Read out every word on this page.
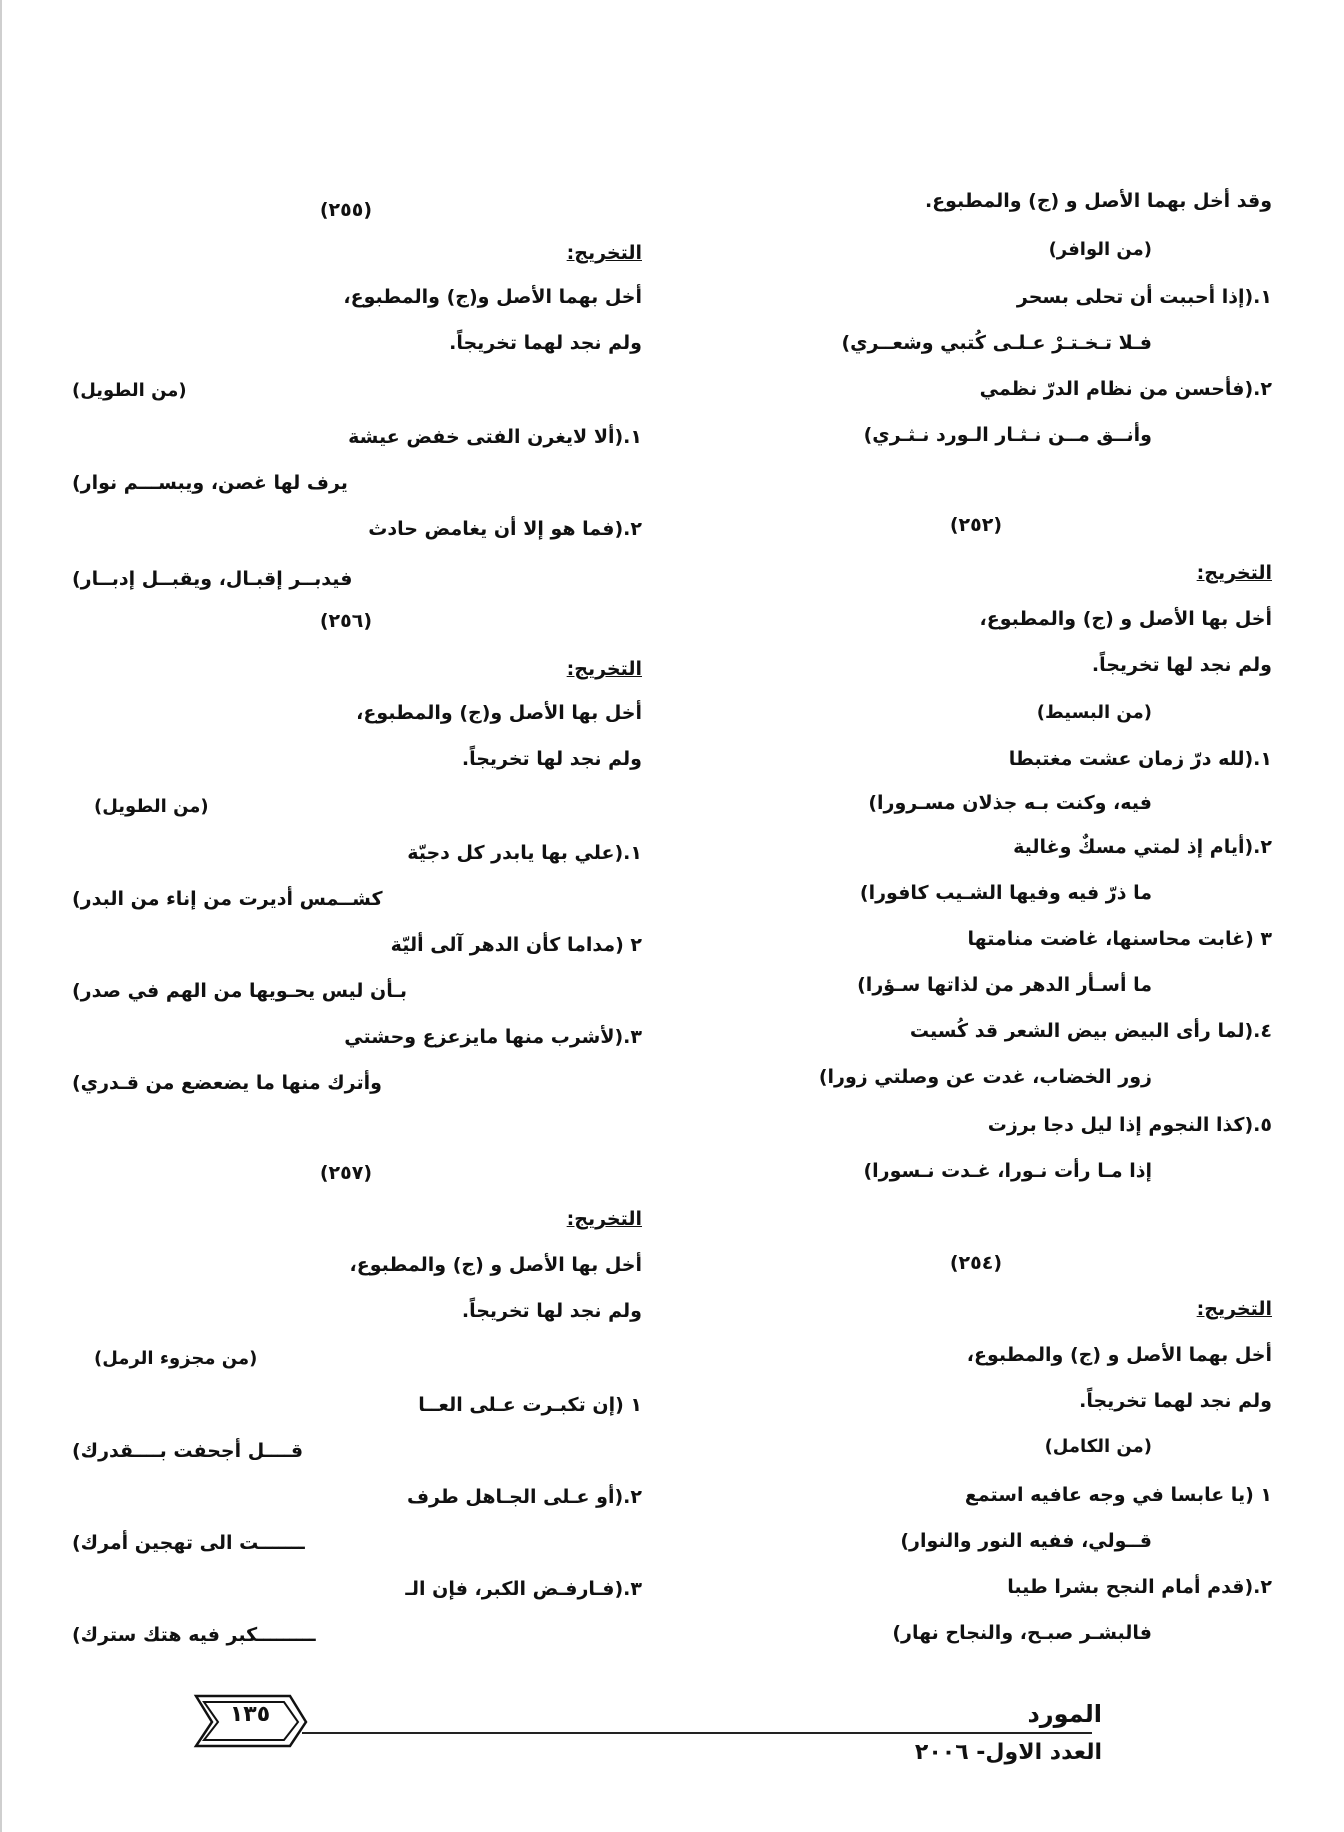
وقد أخل بهما الأصل و (ج) والمطبوع.
(من الوافر)
١.(إذا أحببت أن تحلى بسحر
فـلا تـخـتـرْ عـلـى كُتبي وشعــري)
٢.(فأحسن من نظام الدرّ نظمي
وأنــق مــن نـثـار الـورد نـثـري)
(٢٥٢)
التخريج:
أخل بها الأصل و (ج) والمطبوع،
ولم نجد لها تخريجاً.
(من البسيط)
١.(لله درّ زمان عشت مغتبطا
فيه، وكنت بـه جذلان مسـرورا)
٢.(أيام إذ لمتي مسكٌ وغالية
ما ذرّ فيه وفيها الشـيب كافورا)
٣ (غابت محاسنها، غاضت منامتها
ما أسـأر الدهر من لذاتها سـؤرا)
٤.(لما رأى البيض بيض الشعر قد كُسيت
زور الخضاب، غدت عن وصلتي زورا)
٥.(كذا النجوم إذا ليل دجا برزت
إذا مـا رأت نـورا، غـدت نـسورا)
(٢٥٤)
التخريج:
أخل بهما الأصل و (ج) والمطبوع،
ولم نجد لهما تخريجاً.
(من الكامل)
١ (يا عابسا في وجه عافيه استمع
قــولي، ففيه النور والنوار)
٢.(قدم أمام النجح بشرا طيبا
فالبشـر صبـح، والنجاح نهار)
(٢٥٥)
التخريج:
أخل بهما الأصل و(ج) والمطبوع،
ولم نجد لهما تخريجاً.
(من الطويل)
١.(ألا لايغرن الفتى خفض عيشة
يرف لها غصن، ويبســـم نوار)
٢.(فما هو إلا أن يغامض حادث
فيدبــر إقبـال، ويقبــل إدبــار)
(٢٥٦)
التخريج:
أخل بها الأصل و(ج) والمطبوع،
ولم نجد لها تخريجاً.
(من الطويل)
١.(علي بها يابدر كل دجيّة
كشــمس أديرت من إناء من البدر)
٢ (مداما كأن الدهر آلى أليّة
بـأن ليس يحـويها من الهم في صدر)
٣.(لأشرب منها مايزعزع وحشتي
وأترك منها ما يضعضع من قـدري)
(٢٥٧)
التخريج:
أخل بها الأصل و (ج) والمطبوع،
ولم نجد لها تخريجاً.
(من مجزوء الرمل)
١ (إن تكبـرت عـلى العــا
قــــل أجحفت بــــقدرك)
٢.(أو عـلى الجـاهل طرف
ـــــــت الى تهجين أمرك)
٣.(فـارفـض الكبر، فإن الـ
ـــــــــكبر فيه هتك سترك)
١٣٥	المورد
العدد الاول- ٢٠٠٦
